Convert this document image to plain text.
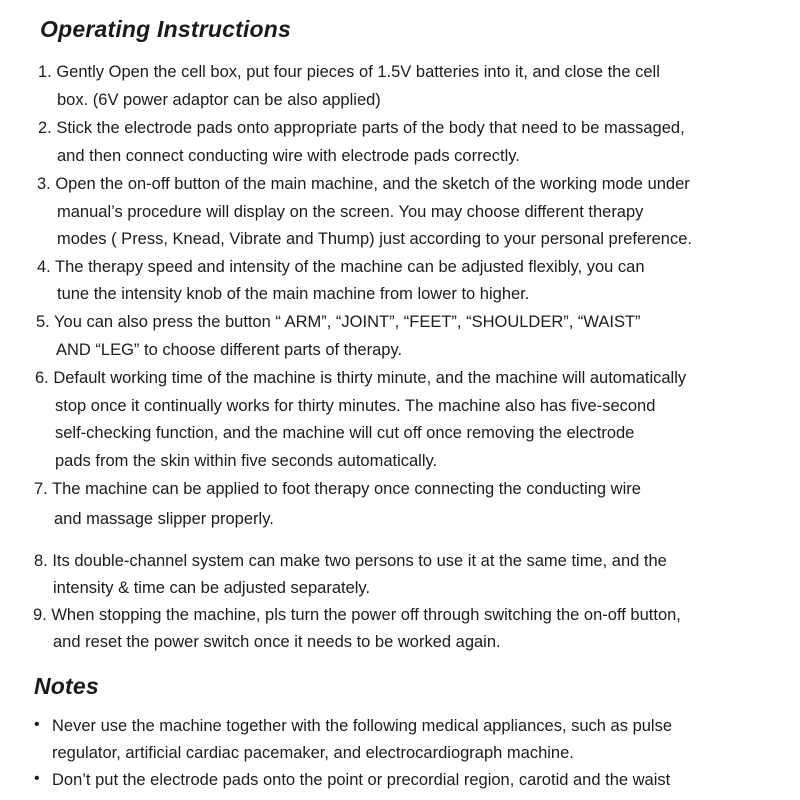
Operating Instructions
1. Gently Open the cell box, put four pieces of 1.5V batteries into it, and close the cell
box. (6V power adaptor can be also applied)
2. Stick the electrode pads onto appropriate parts of the body that need to be massaged,
and then connect conducting wire with electrode pads correctly.
3. Open the on-off button of the main machine, and the sketch of the working mode under
manual’s procedure will display on the screen. You may choose different therapy
modes ( Press, Knead, Vibrate and Thump) just according to your personal preference.
4. The therapy speed and intensity of the machine can be adjusted flexibly, you can
tune the intensity knob of the main machine from lower to higher.
5. You can also press the button “ ARM”, “JOINT”, “FEET”, “SHOULDER”, “WAIST”
AND “LEG” to choose different parts of therapy.
6. Default working time of the machine is thirty minute, and the machine will automatically
stop once it continually works for thirty minutes. The machine also has five-second
self-checking function, and the machine will cut off once removing the electrode
pads from the skin within five seconds automatically.
7. The machine can be applied to foot therapy once connecting the conducting wire
and massage slipper properly.
8. Its double-channel system can make two persons to use it at the same time, and the
intensity & time can be adjusted separately.
9. When stopping the machine, pls turn the power off through switching the on-off button,
and reset the power switch once it needs to be worked again.
Notes
• Never use the machine together with the following medical appliances, such as pulse
regulator, artificial cardiac pacemaker, and electrocardiograph machine.
• Don’t put the electrode pads onto the point or precordial region, carotid and the waist
